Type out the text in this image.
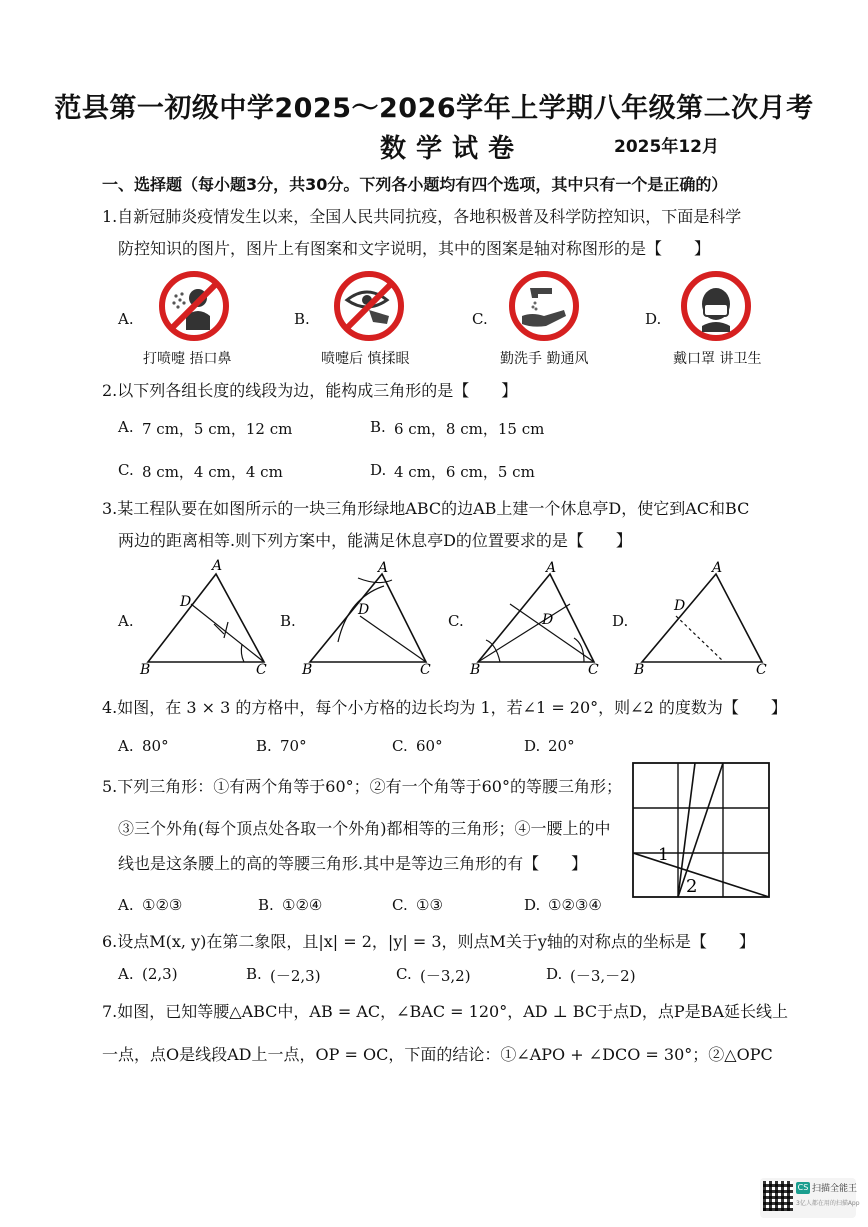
范县第一初级中学2025～2026学年上学期八年级第二次月考
数学试卷	2025年12月
一、选择题（每小题3分，共30分。下列各小题均有四个选项，其中只有一个是正确的）
1.自新冠肺炎疫情发生以来，全国人民共同抗疫，各地积极普及科学防控知识，下面是科学
防控知识的图片，图片上有图案和文字说明，其中的图案是轴对称图形的是【　　】
A.	B.	C.	D.
打喷嚏 捂口鼻	喷嚏后 慎揉眼	勤洗手 勤通风	戴口罩 讲卫生
2.以下列各组长度的线段为边，能构成三角形的是【　　】
A. 7 cm，5 cm，12 cm	B. 6 cm，8 cm，15 cm
C. 8 cm，4 cm，4 cm	D. 4 cm，6 cm，5 cm
3.某工程队要在如图所示的一块三角形绿地ABC的边AB上建一个休息亭D，使它到AC和BC
两边的距离相等.则下列方案中，能满足休息亭D的位置要求的是【　　】
A.	B.	C.	D.
A
B	C
D
A
B	C
D
A
B	C
D
A
B	C
D
4.如图，在 3 × 3 的方格中，每个小方格的边长均为 1，若∠1 = 20°，则∠2 的度数为【　　】
A. 80°	B. 70°	C. 60°	D. 20°
1
2
5.下列三角形：①有两个角等于60°；②有一个角等于60°的等腰三角形；
③三个外角(每个顶点处各取一个外角)都相等的三角形；④一腰上的中
线也是这条腰上的高的等腰三角形.其中是等边三角形的有【　　】
A. ①②③	B. ①②④	C. ①③	D. ①②③④
6.设点M(x, y)在第二象限，且|x| = 2，|y| = 3，则点M关于y轴的对称点的坐标是【　　】
A. (2,3)	B. (－2,3)	C. (－3,2)	D. (－3,－2)
7.如图，已知等腰△ABC中，AB = AC，∠BAC = 120°，AD ⊥ BC于点D，点P是BA延长线上
一点，点O是线段AD上一点，OP = OC，下面的结论：①∠APO + ∠DCO = 30°；②△OPC
CS 扫描全能王
3亿人都在用的扫描App
